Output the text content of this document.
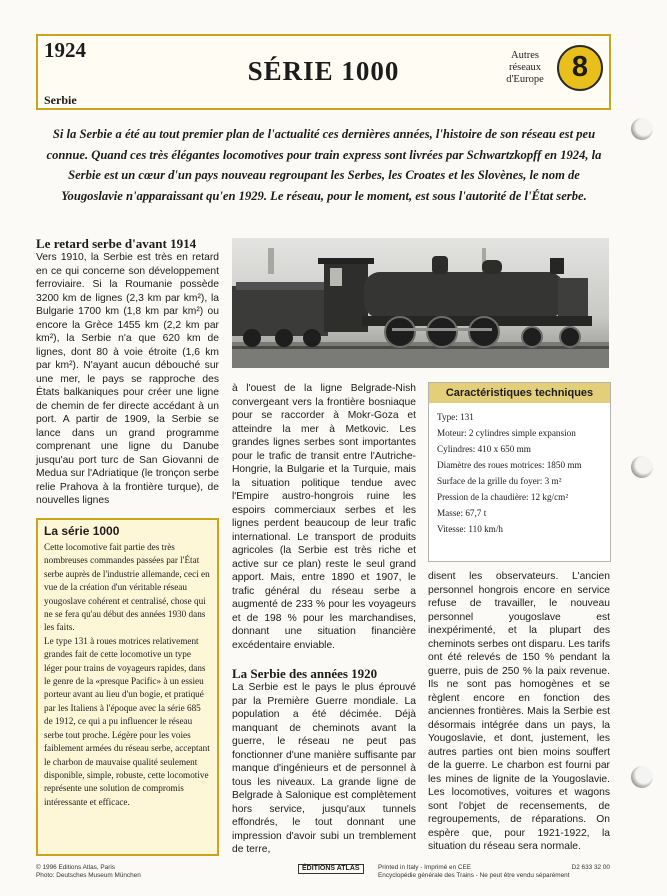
1924
Serbie
SÉRIE 1000
Autres réseaux d'Europe 8
Si la Serbie a été au tout premier plan de l'actualité ces dernières années, l'histoire de son réseau est peu connue. Quand ces très élégantes locomotives pour train express sont livrées par Schwartzkopff en 1924, la Serbie est un cœur d'un pays nouveau regroupant les Serbes, les Croates et les Slovènes, le nom de Yougoslavie n'apparaissant qu'en 1929. Le réseau, pour le moment, est sous l'autorité de l'État serbe.
Le retard serbe d'avant 1914
Vers 1910, la Serbie est très en retard en ce qui concerne son développement ferroviaire. Si la Roumanie possède 3200 km de lignes (2,3 km par km²), la Bulgarie 1700 km (1,8 km par km²) ou encore la Grèce 1455 km (2,2 km par km²), la Serbie n'a que 620 km de lignes, dont 80 à voie étroite (1,6 km par km²). N'ayant aucun débouché sur une mer, le pays se rapproche des États balkaniques pour créer une ligne de chemin de fer directe accédant à un port. A partir de 1909, la Serbie se lance dans un grand programme comprenant une ligne du Danube jusqu'au port turc de San Giovanni de Medua sur l'Adriatique (le tronçon serbe relie Prahova à la frontière turque), de nouvelles lignes
à l'ouest de la ligne Belgrade-Nish convergeant vers la frontière bosniaque pour se raccorder à Mokr-Goza et atteindre la mer à Metkovic. Les grandes lignes serbes sont importantes pour le trafic de transit entre l'Autriche-Hongrie, la Bulgarie et la Turquie, mais la situation politique tendue avec l'Empire austro-hongrois ruine les espoirs commerciaux serbes et les lignes perdent beaucoup de leur trafic international. Le transport de produits agricoles (la Serbie est très riche et active sur ce plan) reste le seul grand apport. Mais, entre 1890 et 1907, le trafic général du réseau serbe a augmenté de 233 % pour les voyageurs et de 198 % pour les marchandises, donnant une situation financière excédentaire enviable.
La Serbie des années 1920
La Serbie est le pays le plus éprouvé par la Première Guerre mondiale. La population a été décimée. Déjà manquant de cheminots avant la guerre, le réseau ne peut pas fonctionner d'une manière suffisante par manque d'ingénieurs et de personnel à tous les niveaux. La grande ligne de Belgrade à Salonique est complètement hors service, jusqu'aux tunnels effondrés, le tout donnant une impression d'avoir subi un tremblement de terre,
Caractéristiques techniques
Type: 131
Moteur: 2 cylindres simple expansion
Cylindres: 410 x 650 mm
Diamètre des roues motrices: 1850 mm
Surface de la grille du foyer: 3 m²
Pression de la chaudière: 12 kg/cm²
Masse: 67,7 t
Vitesse: 110 km/h
disent les observateurs. L'ancien personnel hongrois encore en service refuse de travailler, le nouveau personnel yougoslave est inexpérimenté, et la plupart des cheminots serbes ont disparu. Les tarifs ont été relevés de 150 % pendant la guerre, puis de 250 % la paix revenue. Ils ne sont pas homogènes et se règlent encore en fonction des anciennes frontières. Mais la Serbie est désormais intégrée dans un pays, la Yougoslavie, et dont, justement, les autres parties ont bien moins souffert de la guerre. Le charbon est fourni par les mines de lignite de la Yougoslavie. Les locomotives, voitures et wagons sont l'objet de recensements, de regroupements, de réparations. On espère que, pour 1921-1922, la situation du réseau sera normale.
La série 1000

Cette locomotive fait partie des très nombreuses commandes passées par l'État serbe auprès de l'industrie allemande, ceci en vue de la création d'un véritable réseau yougoslave cohérent et centralisé, chose qui ne se fera qu'au début des années 1930 dans les faits.

Le type 131 à roues motrices relativement grandes fait de cette locomotive un type léger pour trains de voyageurs rapides, dans le genre de la «presque Pacific» à un essieu porteur avant au lieu d'un bogie, et pratiqué par les Italiens à l'époque avec la série 685 de 1912, ce qui a pu influencer le réseau serbe tout proche. Légère pour les voies faiblement armées du réseau serbe, acceptant le charbon de mauvaise qualité seulement disponible, simple, robuste, cette locomotive représente une solution de compromis intéressante et efficace.

© 1996 Editions Atlas, Paris
Photo: Deutsches Museum München
ÉDITIONS ATLAS	Printed in Italy - Imprimé en CEE	D2 633 32 00
Encyclopédie générale des Trains - Ne peut être vendu séparément
